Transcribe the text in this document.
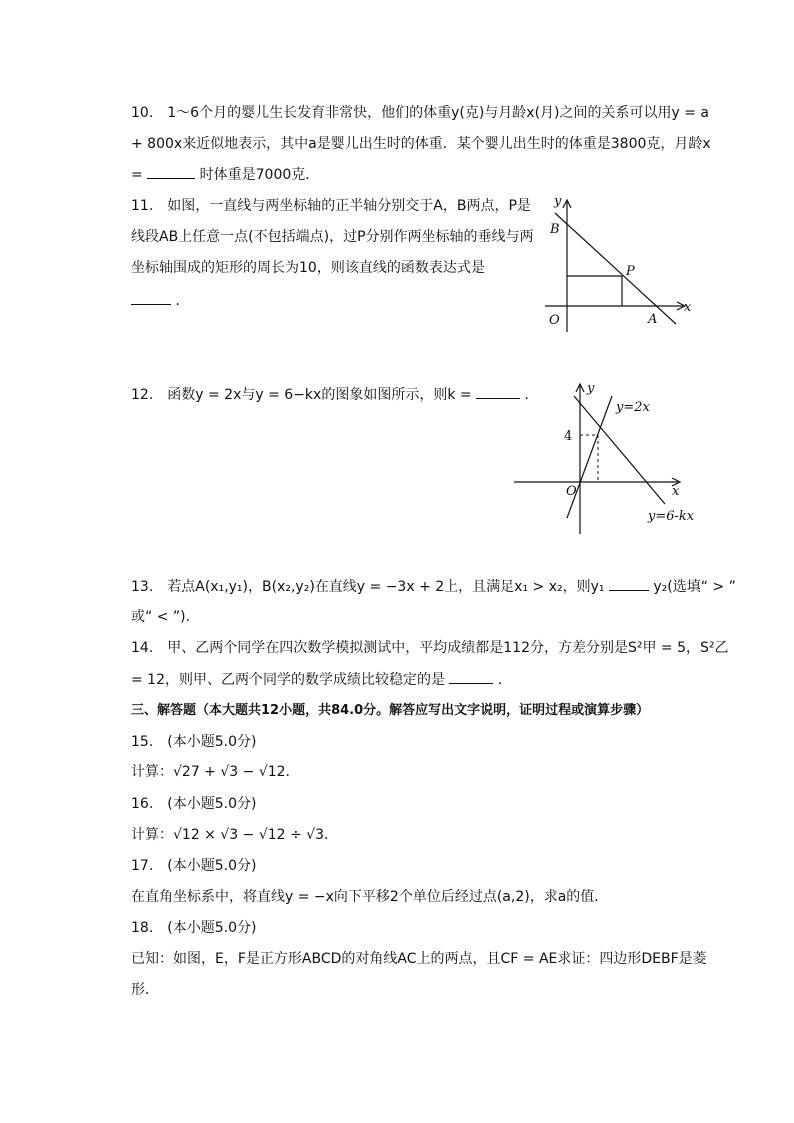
10.　1～6个月的婴儿生长发育非常快，他们的体重y(克)与月龄x(月)之间的关系可以用y = a
+ 800x来近似地表示，其中a是婴儿出生时的体重．某个婴儿出生时的体重是3800克，月龄x
=	时体重是7000克．
11.　如图，一直线与两坐标轴的正半轴分别交于A，B两点，P是
线段AB上任意一点(不包括端点)，过P分别作两坐标轴的垂线与两
坐标轴围成的矩形的周长为10，则该直线的函数表达式是
．
y
x
B
P
O	A
12.　函数y = 2x与y = 6−kx的图象如图所示，则k =	．	y
y=2x
4
O	x
y=6-kx
13.　若点A(x₁,y₁)，B(x₂,y₂)在直线y = −3x + 2上，且满足x₁ > x₂，则y₁	y₂(选填“ > ”
或“ < ”)．
14.　甲、乙两个同学在四次数学模拟测试中，平均成绩都是112分，方差分别是S²甲 = 5，S²乙
= 12，则甲、乙两个同学的数学成绩比较稳定的是	．
三、解答题（本大题共12小题，共84.0分。解答应写出文字说明，证明过程或演算步骤）
15.　(本小题5.0分)
计算：√27 + √3 − √12．
16.　(本小题5.0分)
计算：√12 × √3 − √12 ÷ √3．
17.　(本小题5.0分)
在直角坐标系中，将直线y = −x向下平移2个单位后经过点(a,2)，求a的值．
18.　(本小题5.0分)
已知：如图，E，F是正方形ABCD的对角线AC上的两点，且CF = AE求证：四边形DEBF是菱
形．
